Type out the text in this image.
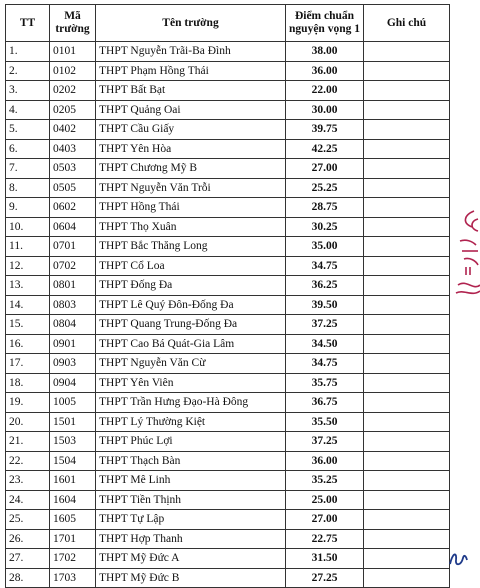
TT	Mã trường	Tên trường	Điểm chuẩn nguyện vọng 1	Ghi chú
1.	0101	THPT Nguyễn Trãi-Ba Đình	38.00	
2.	0102	THPT Phạm Hồng Thái	36.00	
3.	0202	THPT Bất Bạt	22.00	
4.	0205	THPT Quảng Oai	30.00	
5.	0402	THPT Cầu Giấy	39.75	
6.	0403	THPT Yên Hòa	42.25	
7.	0503	THPT Chương Mỹ B	27.00	
8.	0505	THPT Nguyễn Văn Trỗi	25.25	
9.	0602	THPT Hồng Thái	28.75	
10.	0604	THPT Thọ Xuân	30.25	
11.	0701	THPT Bắc Thăng Long	35.00	
12.	0702	THPT Cổ Loa	34.75	
13.	0801	THPT Đống Đa	36.25	
14.	0803	THPT Lê Quý Đôn-Đống Đa	39.50	
15.	0804	THPT Quang Trung-Đống Đa	37.25	
16.	0901	THPT Cao Bá Quát-Gia Lâm	34.50	
17.	0903	THPT Nguyễn Văn Cừ	34.75	
18.	0904	THPT Yên Viên	35.75	
19.	1005	THPT Trần Hưng Đạo-Hà Đông	36.75	
20.	1501	THPT Lý Thường Kiệt	35.50	
21.	1503	THPT Phúc Lợi	37.25	
22.	1504	THPT Thạch Bàn	36.00	
23.	1601	THPT Mê Linh	35.25	
24.	1604	THPT Tiền Thịnh	25.00	
25.	1605	THPT Tự Lập	27.00	
26.	1701	THPT Hợp Thanh	22.75	
27.	1702	THPT Mỹ Đức A	31.50	
28.	1703	THPT Mỹ Đức B	27.25	
